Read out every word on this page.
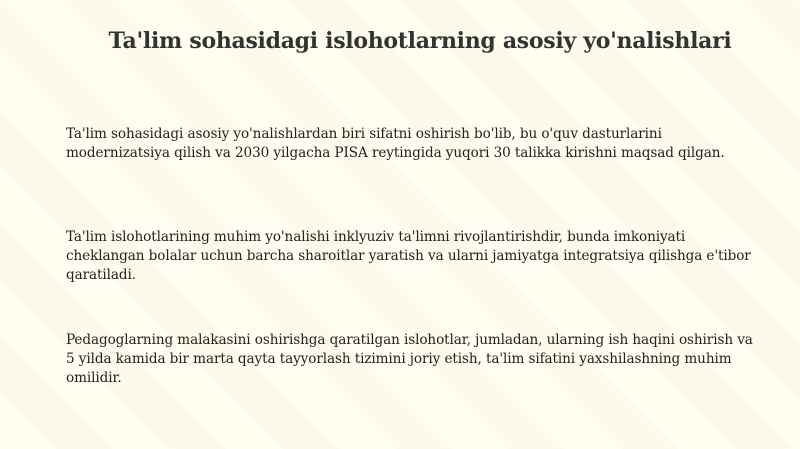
Ta'lim sohasidagi islohotlarning asosiy yo'nalishlari

Ta'lim sohasidagi asosiy yo'nalishlardan biri sifatni oshirish bo'lib, bu o'quv dasturlarini modernizatsiya qilish va 2030 yilgacha PISA reytingida yuqori 30 talikka kirishni maqsad qilgan.

Ta'lim islohotlarining muhim yo'nalishi inklyuziv ta'limni rivojlantirishdir, bunda imkoniyati cheklangan bolalar uchun barcha sharoitlar yaratish va ularni jamiyatga integratsiya qilishga e'tibor qaratiladi.

Pedagoglarning malakasini oshirishga qaratilgan islohotlar, jumladan, ularning ish haqini oshirish va 5 yilda kamida bir marta qayta tayyorlash tizimini joriy etish, ta'lim sifatini yaxshilashning muhim omilidir.
